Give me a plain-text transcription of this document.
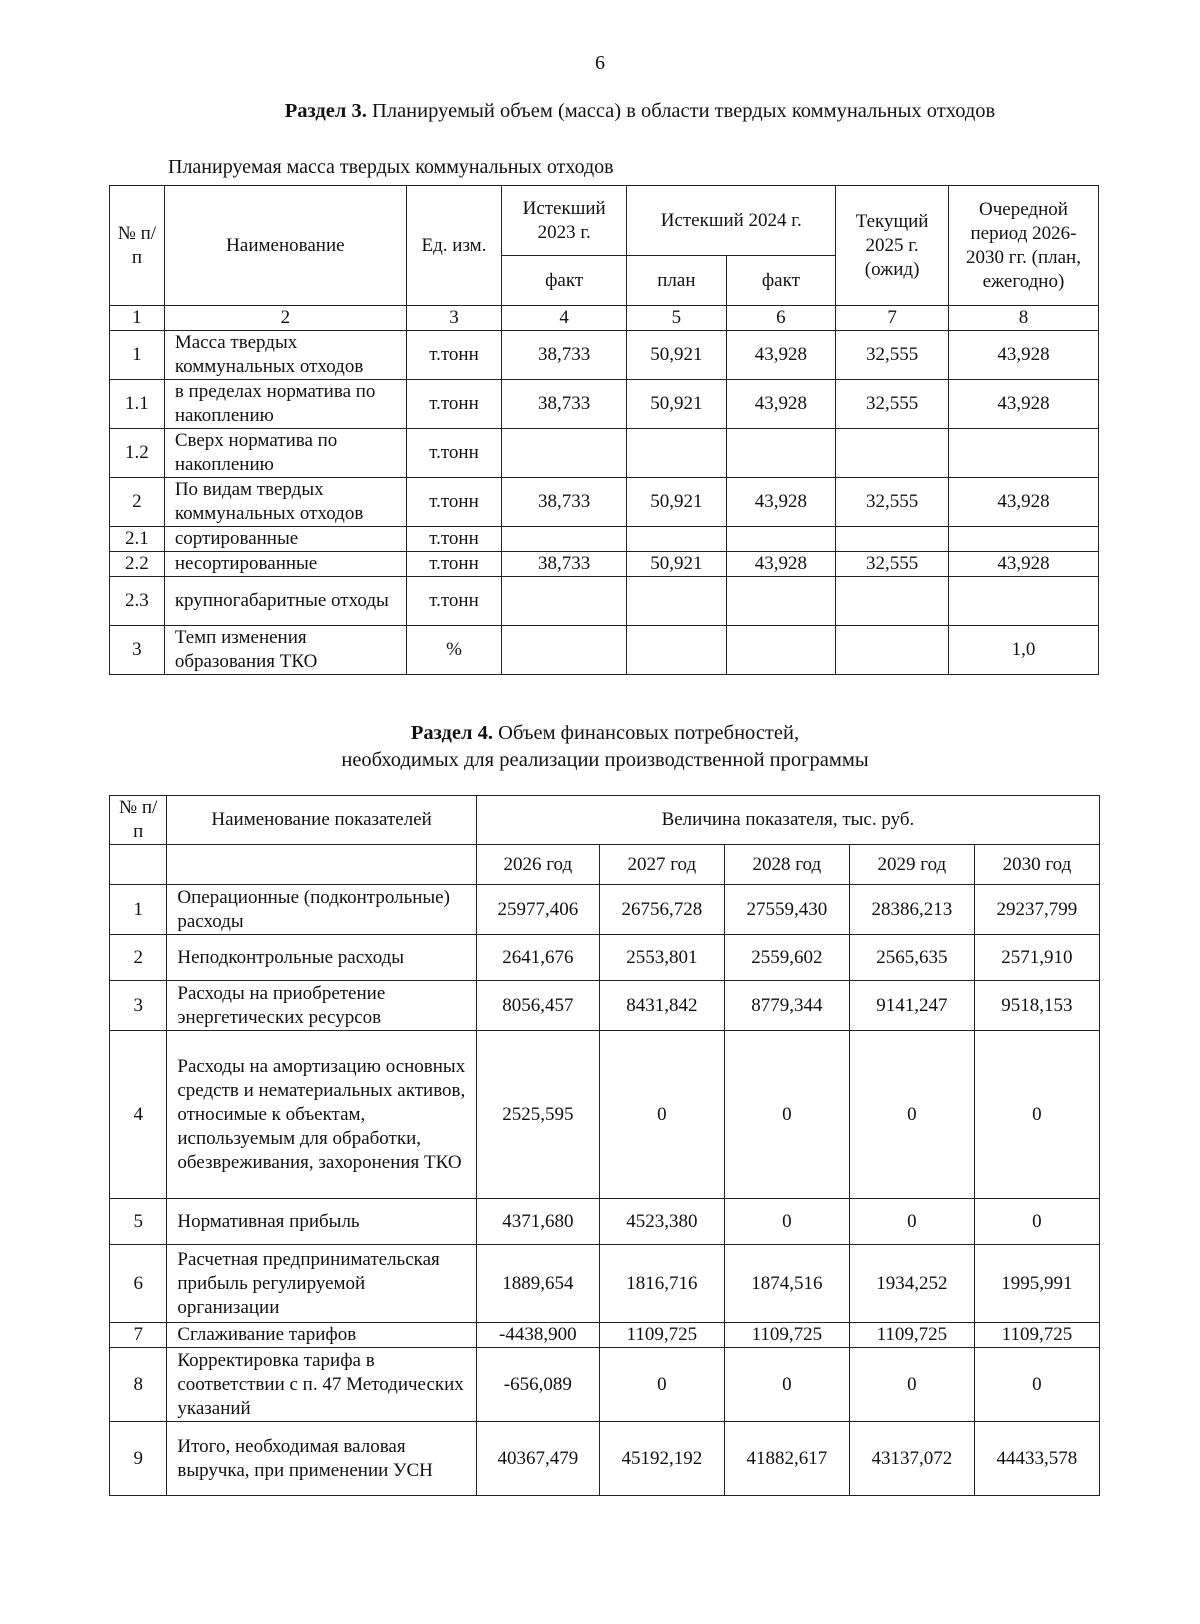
6
Раздел 3. Планируемый объем (масса) в области твердых коммунальных отходов
Планируемая масса твердых коммунальных отходов
№ п/п	Наименование	Ед. изм.	Истекший 2023 г.	Истекший 2024 г.		Текущий 2025 г. (ожид)	Очередной период 2026-2030 гг. (план, ежегодно)
			факт	план	факт		
1	2	3	4	5	6	7	8
1	Масса твердых коммунальных отходов	т.тонн	38,733	50,921	43,928	32,555	43,928
1.1	в пределах норматива по накоплению	т.тонн	38,733	50,921	43,928	32,555	43,928
1.2	Сверх норматива по накоплению	т.тонн					
2	По видам твердых коммунальных отходов	т.тонн	38,733	50,921	43,928	32,555	43,928
2.1	сортированные	т.тонн					
2.2	несортированные	т.тонн	38,733	50,921	43,928	32,555	43,928
2.3	крупногабаритные отходы	т.тонн					
3	Темп изменения образования ТКО	%					1,0
Раздел 4. Объем финансовых потребностей,
необходимых для реализации производственной программы
№ п/п	Наименование показателей	Величина показателя, тыс. руб.				
		2026 год	2027 год	2028 год	2029 год	2030 год
1	Операционные (подконтрольные) расходы	25977,406	26756,728	27559,430	28386,213	29237,799
2	Неподконтрольные расходы	2641,676	2553,801	2559,602	2565,635	2571,910
3	Расходы на приобретение энергетических ресурсов	8056,457	8431,842	8779,344	9141,247	9518,153
4	Расходы на амортизацию основных средств и нематериальных активов, относимые к объектам, используемым для обработки, обезвреживания, захоронения ТКО	2525,595	0	0	0	0
5	Нормативная прибыль	4371,680	4523,380	0	0	0
6	Расчетная предпринимательская прибыль регулируемой организации	1889,654	1816,716	1874,516	1934,252	1995,991
7	Сглаживание тарифов	-4438,900	1109,725	1109,725	1109,725	1109,725
8	Корректировка тарифа в соответствии с п. 47 Методических указаний	-656,089	0	0	0	0
9	Итого, необходимая валовая выручка, при применении УСН	40367,479	45192,192	41882,617	43137,072	44433,578
